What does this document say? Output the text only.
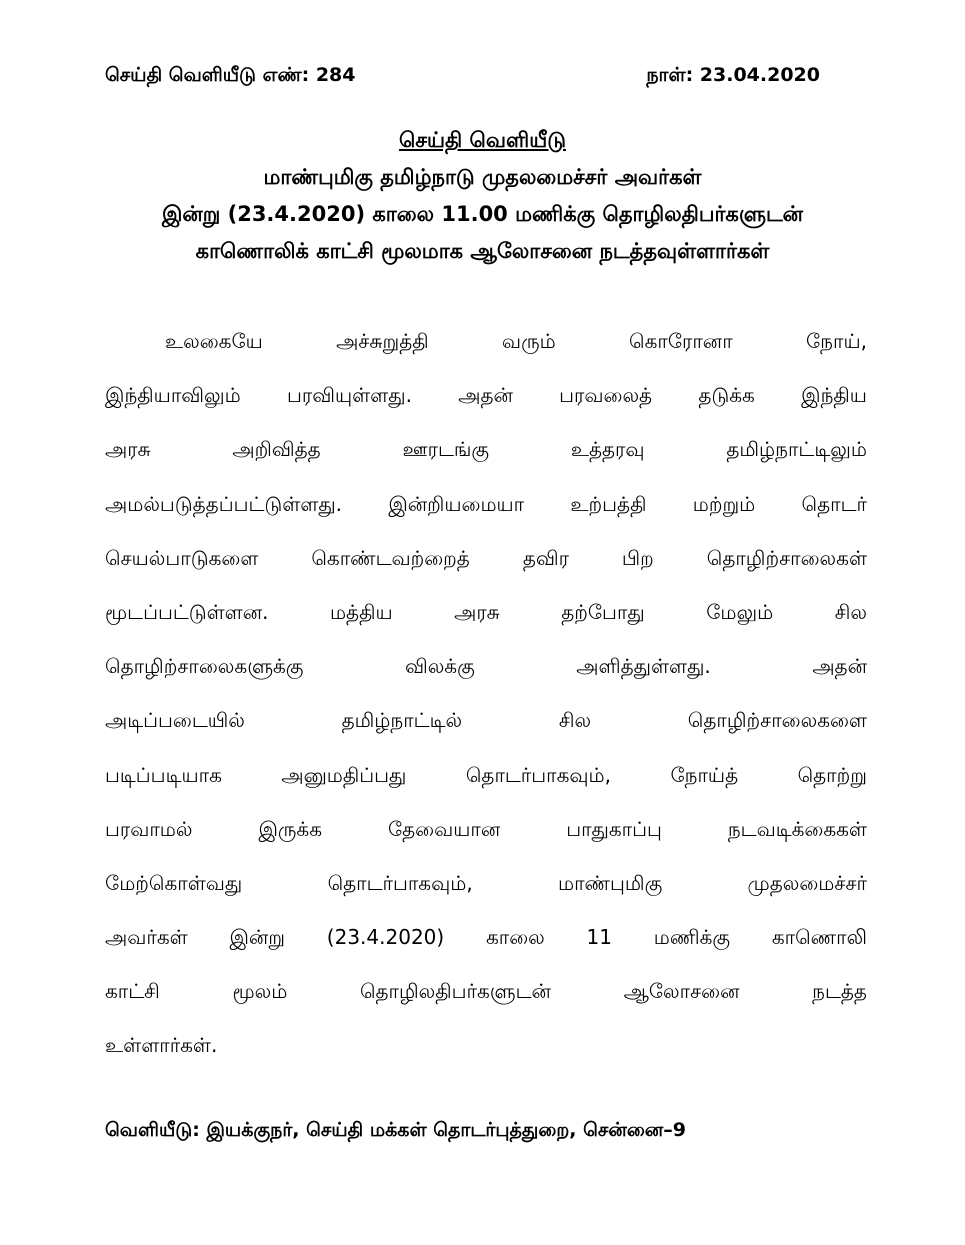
செய்தி வெளியீடு எண்: 284	நாள்: 23.04.2020
செய்தி வெளியீடு
மாண்புமிகு தமிழ்நாடு முதலமைச்சர் அவர்கள்
இன்று (23.4.2020) காலை 11.00 மணிக்கு தொழிலதிபர்களுடன்
காணொலிக் காட்சி மூலமாக ஆலோசனை நடத்தவுள்ளார்கள்
உலகையே	அச்சுறுத்தி	வரும்	கொரோனா	நோய்,
இந்தியாவிலும் பரவியுள்ளது. அதன் பரவலைத் தடுக்க இந்திய
அரசு	அறிவித்த	ஊரடங்கு	உத்தரவு	தமிழ்நாட்டிலும்
அமல்படுத்தப்பட்டுள்ளது. இன்றியமையா உற்பத்தி மற்றும் தொடர்
செயல்பாடுகளை	கொண்டவற்றைத்	தவிர	பிற	தொழிற்சாலைகள்
மூடப்பட்டுள்ளன.	மத்திய	அரசு	தற்போது	மேலும்	சில
தொழிற்சாலைகளுக்கு	விலக்கு	அளித்துள்ளது.	அதன்
அடிப்படையில்	தமிழ்நாட்டில்	சில	தொழிற்சாலைகளை
படிப்படியாக	அனுமதிப்பது	தொடர்பாகவும்,	நோய்த்	தொற்று
பரவாமல்	இருக்க	தேவையான	பாதுகாப்பு	நடவடிக்கைகள்
மேற்கொள்வது	தொடர்பாகவும்,	மாண்புமிகு	முதலமைச்சர்
அவர்கள் இன்று (23.4.2020) காலை 11 மணிக்கு காணொலி
காட்சி	மூலம்	தொழிலதிபர்களுடன்	ஆலோசனை	நடத்த
உள்ளார்கள்.
வெளியீடு: இயக்குநர், செய்தி மக்கள் தொடர்புத்துறை, சென்னை–9
